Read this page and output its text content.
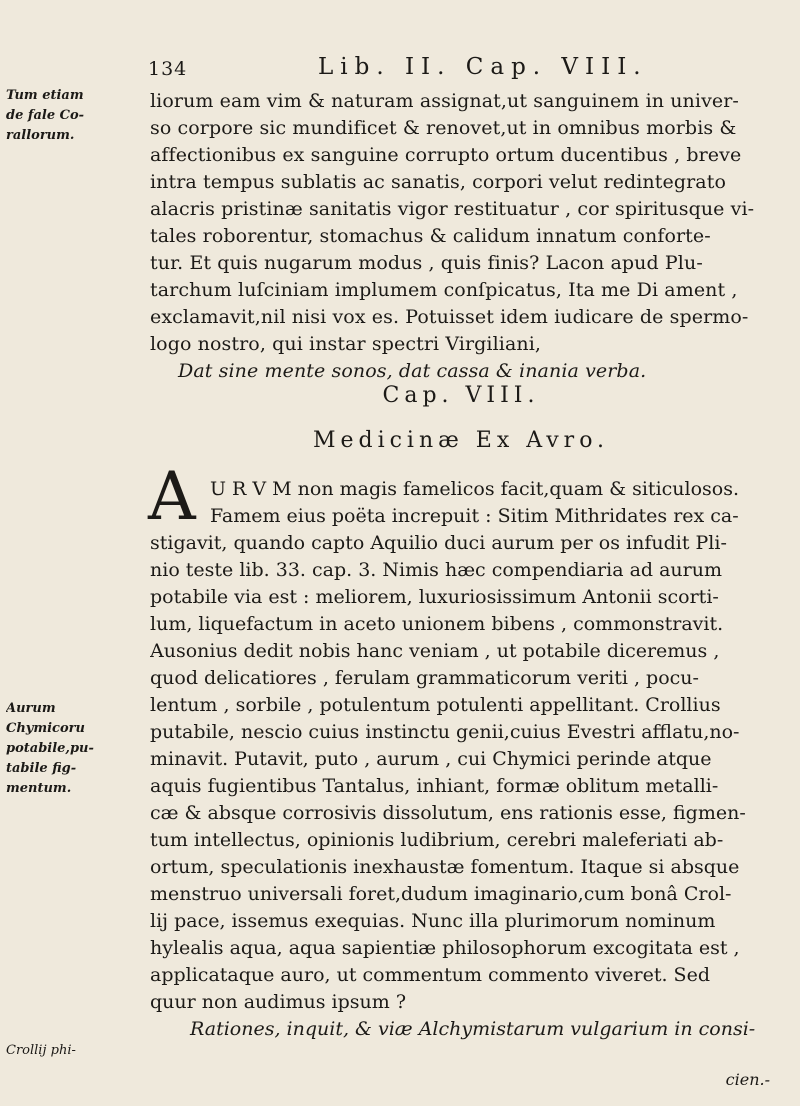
134	Lib. II. Cap. VIII.
Tum etiam
de fale Co-
rallorum.
liorum eam vim & naturam assignat,ut sanguinem in univer-
so corpore sic mundificet & renovet,ut in omnibus morbis &
affectionibus ex sanguine corrupto ortum ducentibus , breve
intra tempus sublatis ac sanatis, corpori velut redintegrato
alacris pristinæ sanitatis vigor restituatur , cor spiritusque vi-
tales roborentur, stomachus & calidum innatum conforte-
tur. Et quis nugarum modus , quis finis? Lacon apud Plu-
tarchum luſciniam implumem conſpicatus, Ita me Di ament ,
exclamavit,nil nisi vox es. Potuisset idem iudicare de spermo-
logo nostro, qui instar spectri Virgiliani,
Dat sine mente sonos, dat cassa & inania verba.
Cap. VIII.
Medicinæ Ex Avro.
A U R V M non magis famelicos facit,quam & siticulosos.
Famem eius poëta increpuit : Sitim Mithridates rex ca-
stigavit, quando capto Aquilio duci aurum per os infudit Pli-
nio teste lib. 33. cap. 3. Nimis hæc compendiaria ad aurum
potabile via est : meliorem, luxuriosissimum Antonii scorti-
lum, liquefactum in aceto unionem bibens , commonstravit.
Ausonius dedit nobis hanc veniam , ut potabile diceremus ,
quod delicatiores , ferulam grammaticorum veriti , pocu-
lentum , sorbile , potulentum potulenti appellitant. Crollius
putabile, nescio cuius instinctu genii,cuius Evestri afflatu,no-
minavit. Putavit, puto , aurum , cui Chymici perinde atque
aquis fugientibus Tantalus, inhiant, formæ oblitum metalli-
cæ & absque corrosivis dissolutum, ens rationis esse, figmen-
tum intellectus, opinionis ludibrium, cerebri maleferiati ab-
ortum, speculationis inexhaustæ fomentum. Itaque si absque
menstruo universali foret,dudum imaginario,cum bonâ Crol-
lij pace, issemus exequias. Nunc illa plurimorum nominum
hylealis aqua, aqua sapientiæ philosophorum excogitata est ,
applicataque auro, ut commentum commento viveret. Sed
quur non audimus ipsum ?
Rationes, inquit, & viæ Alchymistarum vulgarium in consi-
Aurum
Chymicoru
potabile,pu-
tabile fig-
mentum.
Crollij phi-
cien.-
